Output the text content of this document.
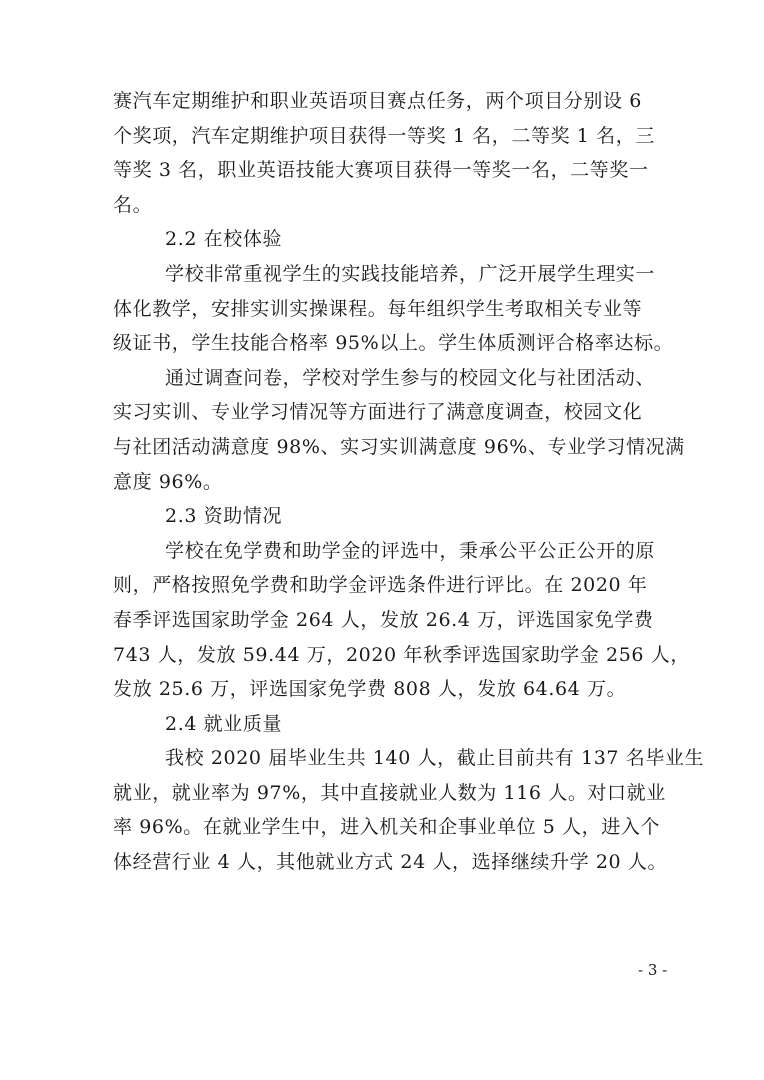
赛汽车定期维护和职业英语项目赛点任务，两个项目分别设 6
个奖项，汽车定期维护项目获得一等奖 1 名，二等奖 1 名，三
等奖 3 名，职业英语技能大赛项目获得一等奖一名，二等奖一
名。
2.2 在校体验
学校非常重视学生的实践技能培养，广泛开展学生理实一
体化教学，安排实训实操课程。每年组织学生考取相关专业等
级证书，学生技能合格率 95%以上。学生体质测评合格率达标。
通过调查问卷，学校对学生参与的校园文化与社团活动、
实习实训、专业学习情况等方面进行了满意度调查，校园文化
与社团活动满意度 98%、实习实训满意度 96%、专业学习情况满
意度 96%。
2.3 资助情况
学校在免学费和助学金的评选中，秉承公平公正公开的原
则，严格按照免学费和助学金评选条件进行评比。在 2020 年
春季评选国家助学金 264 人，发放 26.4 万，评选国家免学费
743 人，发放 59.44 万，2020 年秋季评选国家助学金 256 人，
发放 25.6 万，评选国家免学费 808 人，发放 64.64 万。
2.4 就业质量
我校 2020 届毕业生共 140 人，截止目前共有 137 名毕业生
就业，就业率为 97%，其中直接就业人数为 116 人。对口就业
率 96%。在就业学生中，进入机关和企事业单位 5 人，进入个
体经营行业 4 人，其他就业方式 24 人，选择继续升学 20 人。
- 3 -
